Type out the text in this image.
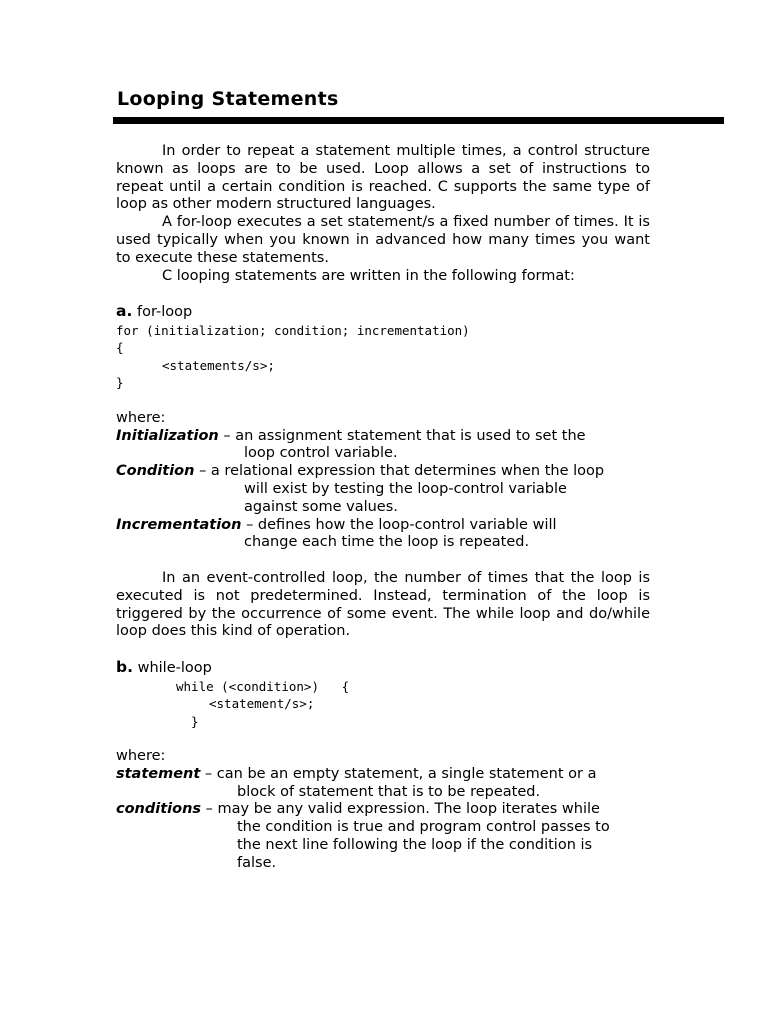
Looping Statements

In order to repeat a statement multiple times, a control structure known as loops are to be used. Loop allows a set of instructions to repeat until a certain condition is reached. C supports the same type of loop as other modern structured languages.

A for-loop executes a set statement/s a fixed number of times. It is used typically when you known in advanced how many times you want to execute these statements.

C looping statements are written in the following format:

a. for-loop

for (initialization; condition; incrementation)
{
<statements/s>;
}

where:

Initialization – an assignment statement that is used to set the
loop control variable.

Condition – a relational expression that determines when the loop
will exist by testing the loop-control variable
against some values.

Incrementation – defines how the loop-control variable will
change each time the loop is repeated.

In an event-controlled loop, the number of times that the loop is executed is not predetermined. Instead, termination of the loop is triggered by the occurrence of some event. The while loop and do/while loop does this kind of operation.

b. while-loop

while (<condition>)   {
<statement/s>;
}

where:

statement – can be an empty statement, a single statement or a
block of statement that is to be repeated.

conditions – may be any valid expression. The loop iterates while
the condition is true and program control passes to
the next line following the loop if the condition is
false.
